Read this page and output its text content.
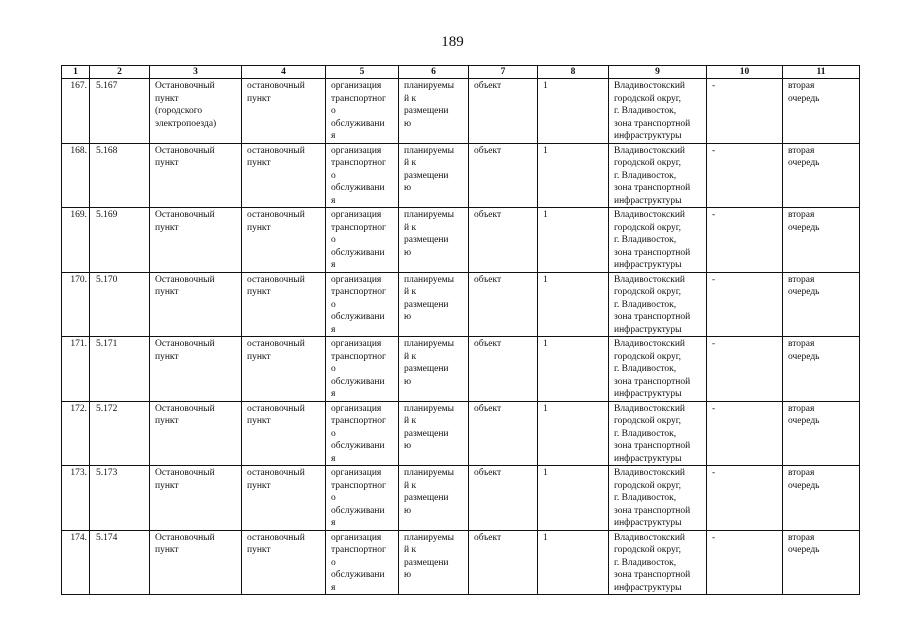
189
1	2	3	4	5	6	7	8	9	10	11
167.	5.167	Остановочный
пункт
(городского
электропоезда)	остановочный
пункт	организация
транспортног
о
обслуживани
я	планируемы
й к
размещени
ю	объект	1	Владивостокский
городской округ,
г. Владивосток,
зона транспортной
инфраструктуры	-	вторая
очередь
168.	5.168	Остановочный
пункт	остановочный
пункт	организация
транспортног
о
обслуживани
я	планируемы
й к
размещени
ю	объект	1	Владивостокский
городской округ,
г. Владивосток,
зона транспортной
инфраструктуры	-	вторая
очередь
169.	5.169	Остановочный
пункт	остановочный
пункт	организация
транспортног
о
обслуживани
я	планируемы
й к
размещени
ю	объект	1	Владивостокский
городской округ,
г. Владивосток,
зона транспортной
инфраструктуры	-	вторая
очередь
170.	5.170	Остановочный
пункт	остановочный
пункт	организация
транспортног
о
обслуживани
я	планируемы
й к
размещени
ю	объект	1	Владивостокский
городской округ,
г. Владивосток,
зона транспортной
инфраструктуры	-	вторая
очередь
171.	5.171	Остановочный
пункт	остановочный
пункт	организация
транспортног
о
обслуживани
я	планируемы
й к
размещени
ю	объект	1	Владивостокский
городской округ,
г. Владивосток,
зона транспортной
инфраструктуры	-	вторая
очередь
172.	5.172	Остановочный
пункт	остановочный
пункт	организация
транспортног
о
обслуживани
я	планируемы
й к
размещени
ю	объект	1	Владивостокский
городской округ,
г. Владивосток,
зона транспортной
инфраструктуры	-	вторая
очередь
173.	5.173	Остановочный
пункт	остановочный
пункт	организация
транспортног
о
обслуживани
я	планируемы
й к
размещени
ю	объект	1	Владивостокский
городской округ,
г. Владивосток,
зона транспортной
инфраструктуры	-	вторая
очередь
174.	5.174	Остановочный
пункт	остановочный
пункт	организация
транспортног
о
обслуживани
я	планируемы
й к
размещени
ю	объект	1	Владивостокский
городской округ,
г. Владивосток,
зона транспортной
инфраструктуры	-	вторая
очередь
